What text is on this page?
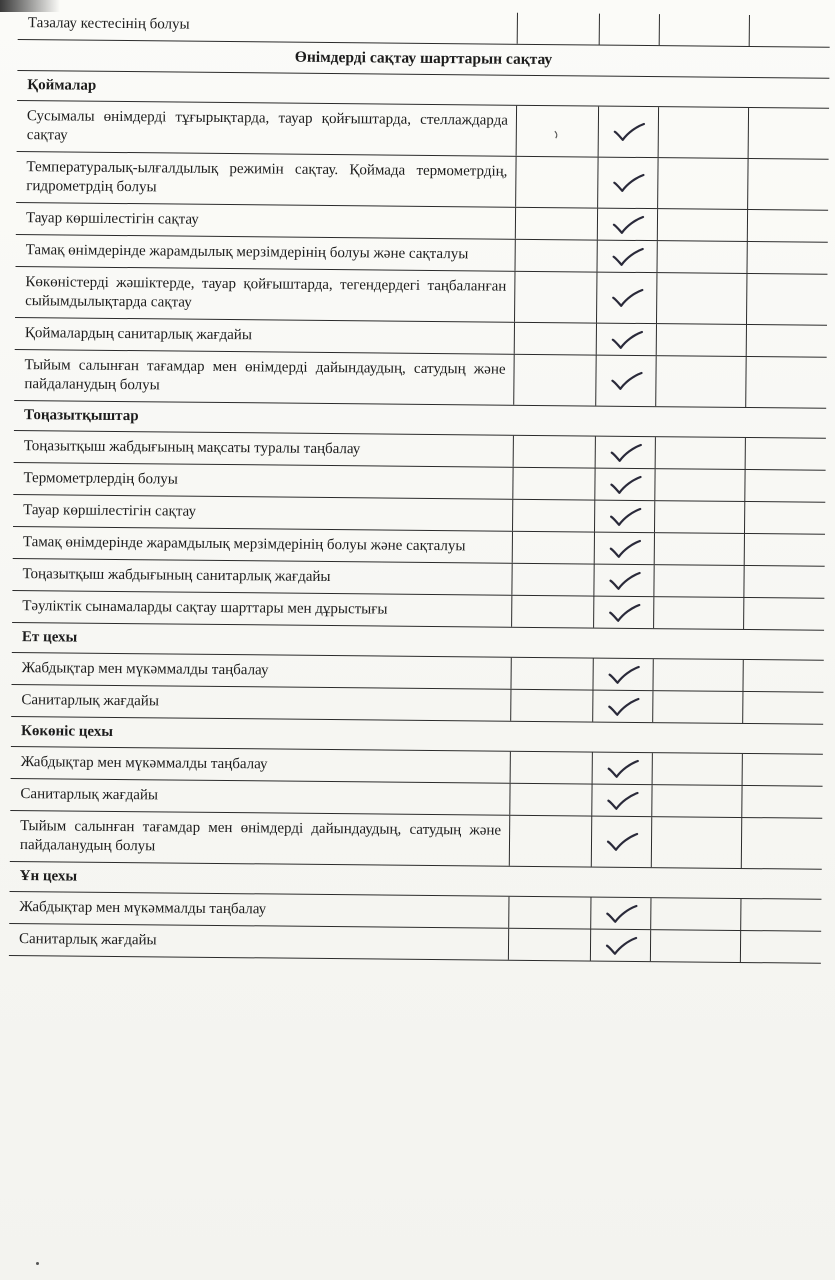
Тазалау кестесінің болуы
Өнімдерді сақтау шарттарын сақтау
Қоймалар
Сусымалы өнімдерді тұғырықтарда, тауар қойғыштарда, стеллаждарда сақтау
Температуралық-ылғалдылық режимін сақтау. Қоймада термометрдің, гидрометрдің болуы
Тауар көршілестігін сақтау
Тамақ өнімдерінде жарамдылық мерзімдерінің болуы және сақталуы
Көкөністерді жәшіктерде, тауар қойғыштарда, тегендердегі таңбаланған сыйымдылықтарда сақтау
Қоймалардың санитарлық жағдайы
Тыйым салынған тағамдар мен өнімдерді дайындаудың, сатудың және пайдаланудың болуы
Тоңазытқыштар
Тоңазытқыш жабдығының мақсаты туралы таңбалау
Термометрлердің болуы
Тауар көршілестігін сақтау
Тамақ өнімдерінде жарамдылық мерзімдерінің болуы және сақталуы
Тоңазытқыш жабдығының санитарлық жағдайы
Тәуліктік сынамаларды сақтау шарттары мен дұрыстығы
Ет цехы
Жабдықтар мен мүкәммалды таңбалау
Санитарлық жағдайы
Көкөніс цехы
Жабдықтар мен мүкәммалды таңбалау
Санитарлық жағдайы
Тыйым салынған тағамдар мен өнімдерді дайындаудың, сатудың және пайдаланудың болуы
Ұн цехы
Жабдықтар мен мүкәммалды таңбалау
Санитарлық жағдайы
